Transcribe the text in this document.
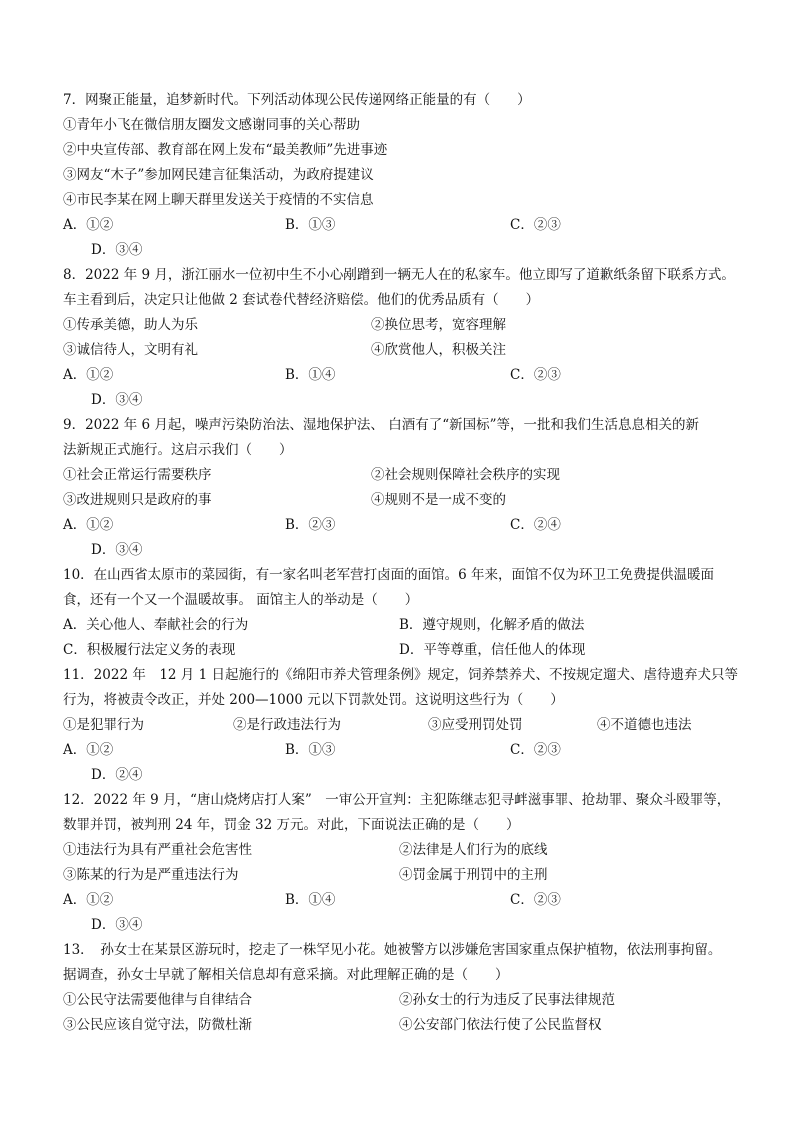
7．网聚正能量，追梦新时代。下列活动体现公民传递网络正能量的有（　　）
①青年小飞在微信朋友圈发文感谢同事的关心帮助
②中央宣传部、教育部在网上发布“最美教师”先进事迹
③网友“木子”参加网民建言征集活动，为政府提建议
④市民李某在网上聊天群里发送关于疫情的不实信息
A．①②	B．①③	C．②③
D．③④
8．2022 年 9 月，浙江丽水一位初中生不小心剐蹭到一辆无人在的私家车。他立即写了道歉纸条留下联系方式。
车主看到后，决定只让他做 2 套试卷代替经济赔偿。他们的优秀品质有（　　）
①传承美德，助人为乐	②换位思考，宽容理解
③诚信待人，文明有礼	④欣赏他人，积极关注
A．①②	B．①④	C．②③
D．③④
9．2022 年 6 月起，噪声污染防治法、湿地保护法、 白酒有了“新国标”等，一批和我们生活息息相关的新
法新规正式施行。这启示我们（　　）
①社会正常运行需要秩序	②社会规则保障社会秩序的实现
③改进规则只是政府的事	④规则不是一成不变的
A．①②	B．②③	C．②④
D．③④
10．在山西省太原市的菜园街，有一家名叫老军营打卤面的面馆。6 年来，面馆不仅为环卫工免费提供温暖面
食，还有一个又一个温暖故事。 面馆主人的举动是（　　）
A．关心他人、奉献社会的行为	B．遵守规则，化解矛盾的做法
C．积极履行法定义务的表现	D．平等尊重，信任他人的体现
11．2022 年　12 月 1 日起施行的《绵阳市养犬管理条例》规定，饲养禁养犬、不按规定遛犬、虐待遗弃犬只等
行为，将被责令改正，并处 200—1000 元以下罚款处罚。这说明这些行为（　　）
①是犯罪行为	②是行政违法行为	③应受刑罚处罚	④不道德也违法
A．①②	B．①③	C．②③
D．②④
12．2022 年 9 月，“唐山烧烤店打人案”　一审公开宣判：主犯陈继志犯寻衅滋事罪、抢劫罪、聚众斗殴罪等，
数罪并罚，被判刑 24 年，罚金 32 万元。对此，下面说法正确的是（　　）
①违法行为具有严重社会危害性	②法律是人们行为的底线
③陈某的行为是严重违法行为	④罚金属于刑罚中的主刑
A．①②	B．①④	C．②③
D．③④
13．　孙女士在某景区游玩时，挖走了一株罕见小花。她被警方以涉嫌危害国家重点保护植物，依法刑事拘留。
据调查，孙女士早就了解相关信息却有意采摘。对此理解正确的是（　　）
①公民守法需要他律与自律结合	②孙女士的行为违反了民事法律规范
③公民应该自觉守法，防微杜渐	④公安部门依法行使了公民监督权
